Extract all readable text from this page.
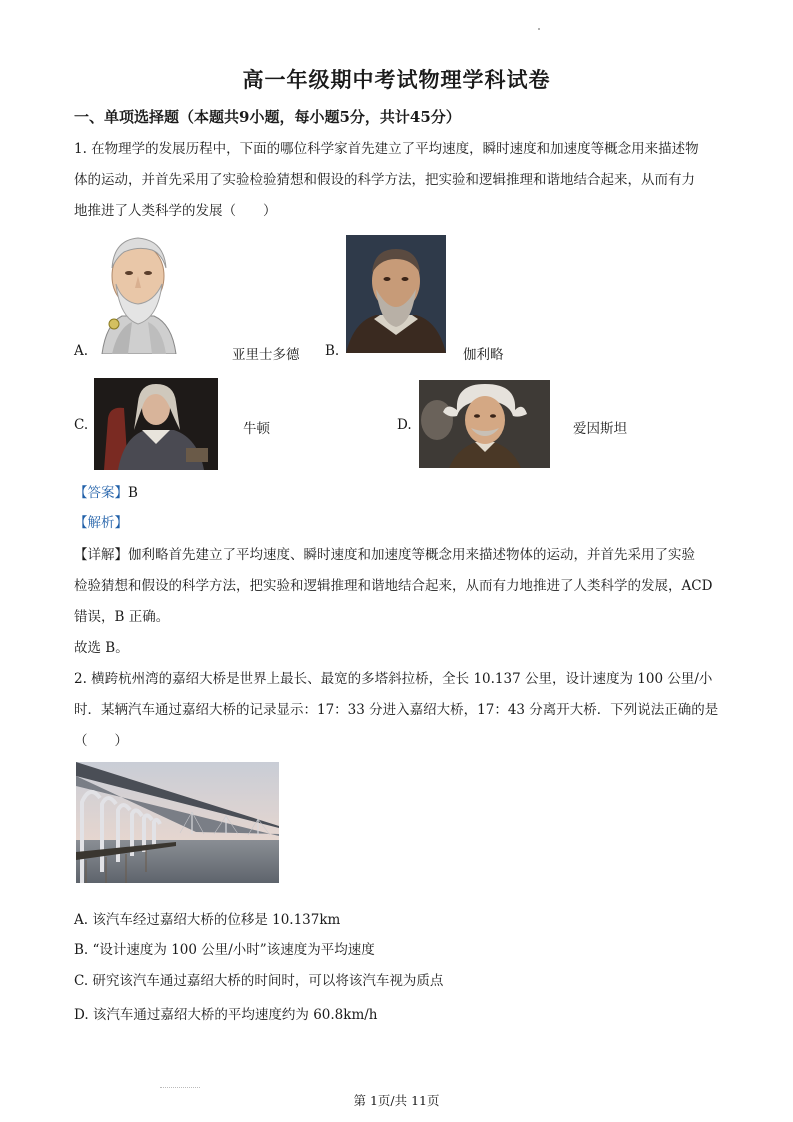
高一年级期中考试物理学科试卷
一、单项选择题（本题共9小题，每小题5分，共计45分）
1. 在物理学的发展历程中，下面的哪位科学家首先建立了平均速度，瞬时速度和加速度等概念用来描述物
体的运动，并首先采用了实验检验猜想和假设的科学方法，把实验和逻辑推理和谐地结合起来，从而有力
地推进了人类科学的发展（　　）
A.	亚里士多德 B.	伽利略
C.	牛顿	D.	爱因斯坦
【答案】B
【解析】
【详解】伽利略首先建立了平均速度、瞬时速度和加速度等概念用来描述物体的运动，并首先采用了实验
检验猜想和假设的科学方法，把实验和逻辑推理和谐地结合起来，从而有力地推进了人类科学的发展，ACD
错误，B 正确。
故选 B。
2. 横跨杭州湾的嘉绍大桥是世界上最长、最宽的多塔斜拉桥，全长 10.137 公里，设计速度为 100 公里/小
时．某辆汽车通过嘉绍大桥的记录显示：17：33 分进入嘉绍大桥，17：43 分离开大桥．下列说法正确的是
（　　）
A. 该汽车经过嘉绍大桥的位移是 10.137km
B. “设计速度为 100 公里/小时”该速度为平均速度
C. 研究该汽车通过嘉绍大桥的时间时，可以将该汽车视为质点
D. 该汽车通过嘉绍大桥的平均速度约为 60.8km/h
第 1页/共 11页
